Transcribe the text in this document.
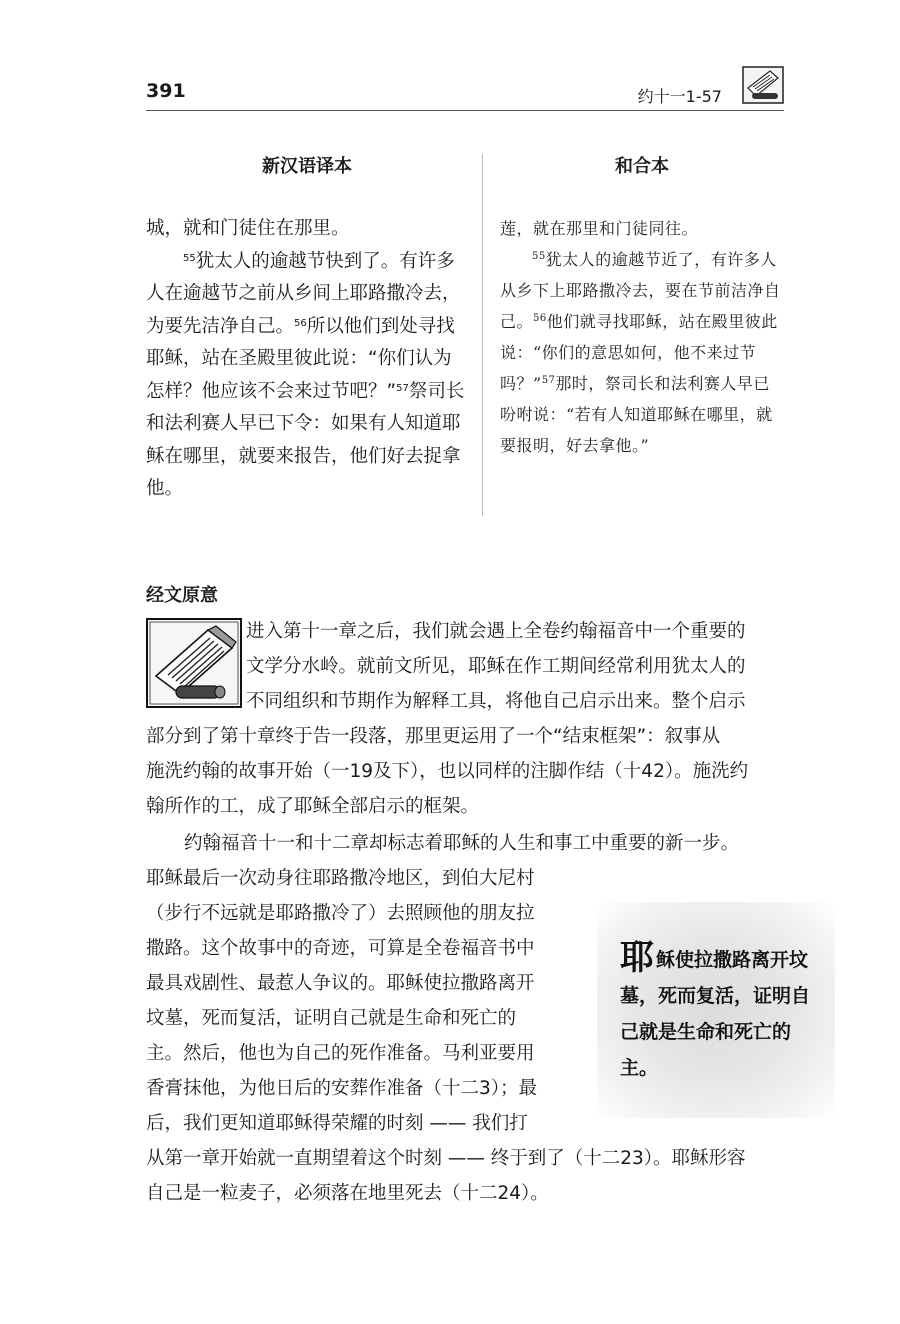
391	约十一1-57
新汉语译本	和合本

城，就和门徒住在那里。

$^{55}$犹太人的逾越节快到了。有许多人在逾越节之前从乡间上耶路撒冷去，为要先洁净自己。$^{56}$所以他们到处寻找耶稣，站在圣殿里彼此说：“你们认为怎样？他应该不会来过节吧？”$^{57}$祭司长和法利赛人早已下令：如果有人知道耶稣在哪里，就要来报告，他们好去捉拿他。

莲，就在那里和门徒同往。

$^{55}$犹太人的逾越节近了，有许多人从乡下上耶路撒冷去，要在节前洁净自己。$^{56}$他们就寻找耶稣，站在殿里彼此说：“你们的意思如何，他不来过节吗？”$^{57}$那时，祭司长和法利赛人早已吩咐说：“若有人知道耶稣在哪里，就要报明，好去拿他。”

经文原意
进入第十一章之后，我们就会遇上全卷约翰福音中一个重要的
文学分水岭。就前文所见，耶稣在作工期间经常利用犹太人的
不同组织和节期作为解释工具，将他自己启示出来。整个启示
部分到了第十章终于告一段落，那里更运用了一个“结束框架”：叙事从
施洗约翰的故事开始（一19及下），也以同样的注脚作结（十42）。施洗约
翰所作的工，成了耶稣全部启示的框架。
约翰福音十一和十二章却标志着耶稣的人生和事工中重要的新一步。
耶稣最后一次动身往耶路撒冷地区，到伯大尼村
（步行不远就是耶路撒冷了）去照顾他的朋友拉
撒路。这个故事中的奇迹，可算是全卷福音书中
最具戏剧性、最惹人争议的。耶稣使拉撒路离开
坟墓，死而复活，证明自己就是生命和死亡的
主。然后，他也为自己的死作准备。马利亚要用
香膏抹他，为他日后的安葬作准备（十二3）；最
后，我们更知道耶稣得荣耀的时刻 —— 我们打
从第一章开始就一直期望着这个时刻 —— 终于到了（十二23）。耶稣形容
自己是一粒麦子，必须落在地里死去（十二24）。
耶稣使拉撒路离开坟墓，死而复活，证明自己就是生命和死亡的主。
